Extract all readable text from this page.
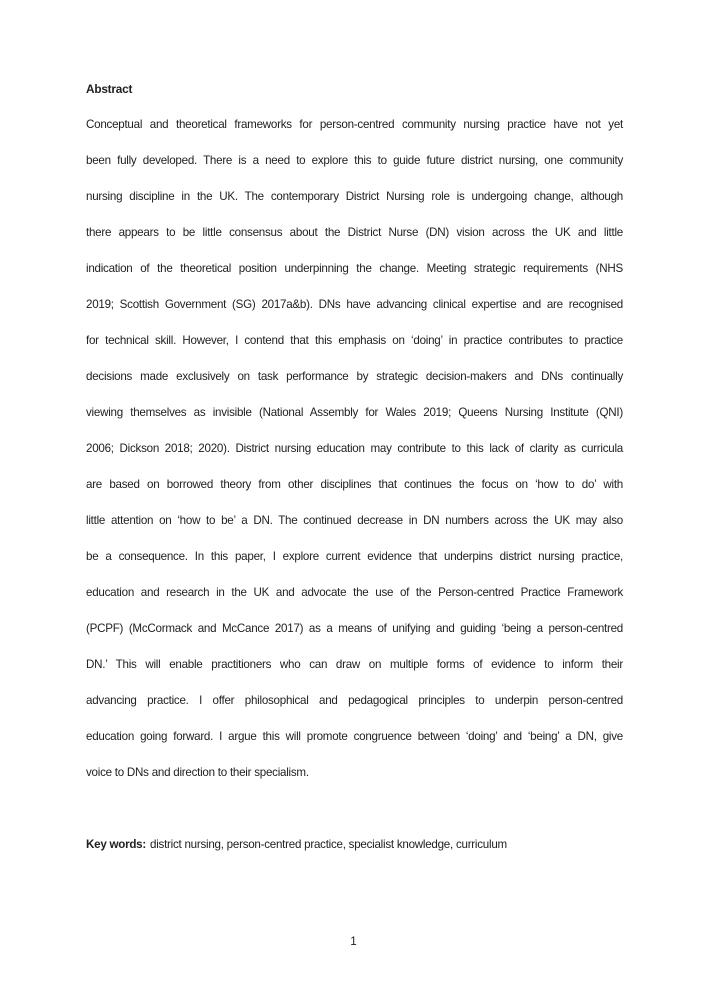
Abstract
Conceptual and theoretical frameworks for person-centred community nursing practice have not yet
been fully developed. There is a need to explore this to guide future district nursing, one community
nursing discipline in the UK. The contemporary District Nursing role is undergoing change, although
there appears to be little consensus about the District Nurse (DN) vision across the UK and little
indication of the theoretical position underpinning the change. Meeting strategic requirements (NHS
2019; Scottish Government (SG) 2017a&b). DNs have advancing clinical expertise and are recognised
for technical skill. However, I contend that this emphasis on ‘doing’ in practice contributes to practice
decisions made exclusively on task performance by strategic decision-makers and DNs continually
viewing themselves as invisible (National Assembly for Wales 2019; Queens Nursing Institute (QNI)
2006; Dickson 2018; 2020). District nursing education may contribute to this lack of clarity as curricula
are based on borrowed theory from other disciplines that continues the focus on ‘how to do’ with
little attention on ‘how to be’ a DN. The continued decrease in DN numbers across the UK may also
be a consequence. In this paper, I explore current evidence that underpins district nursing practice,
education and research in the UK and advocate the use of the Person-centred Practice Framework
(PCPF) (McCormack and McCance 2017) as a means of unifying and guiding ‘being a person-centred
DN.’ This will enable practitioners who can draw on multiple forms of evidence to inform their
advancing practice. I offer philosophical and pedagogical principles to underpin person-centred
education going forward. I argue this will promote congruence between ‘doing’ and ‘being’ a DN, give
voice to DNs and direction to their specialism.
Key words: district nursing, person-centred practice, specialist knowledge, curriculum
1
